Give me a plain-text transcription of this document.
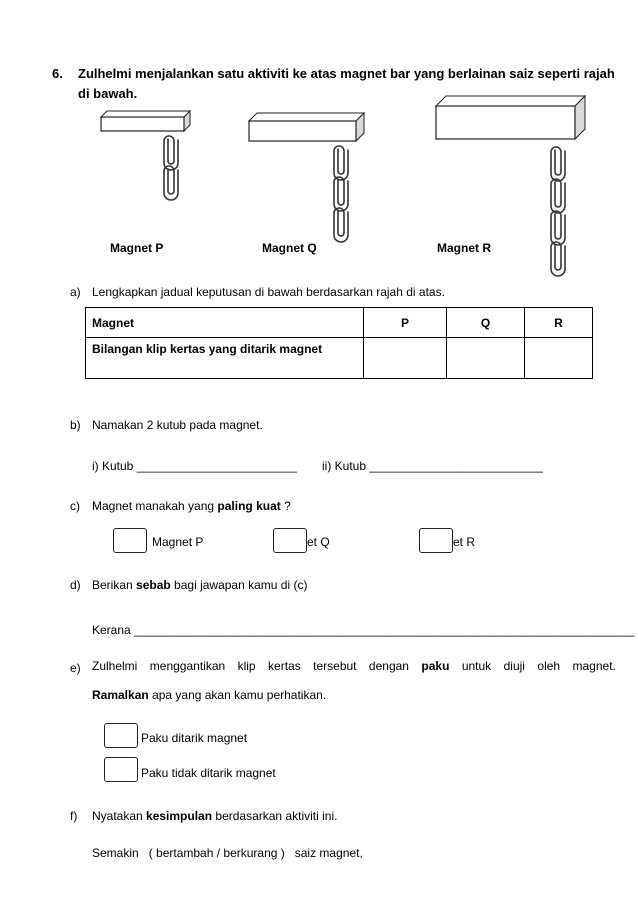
6. Zulhelmi menjalankan satu aktiviti ke atas magnet bar yang berlainan saiz seperti rajah
di bawah.
Magnet P	Magnet Q	Magnet R
a) Lengkapkan jadual keputusan di bawah berdasarkan rajah di atas.
Magnet	P	Q	R
Bilangan klip kertas yang ditarik magnet			
b) Namakan 2 kutub pada magnet.
i) Kutub ________________________ ii) Kutub __________________________
c) Magnet manakah yang paling kuat ?
Magnet P	et Q	et R
d) Berikan sebab bagi jawapan kamu di (c)
Kerana ___________________________________________________________________________
e) Zulhelmi menggantikan klip kertas tersebut dengan paku untuk diuji oleh magnet.
Ramalkan apa yang akan kamu perhatikan.
Paku ditarik magnet
Paku tidak ditarik magnet
f) Nyatakan kesimpulan berdasarkan aktiviti ini.
Semakin   ( bertambah / berkurang )   saiz magnet,
